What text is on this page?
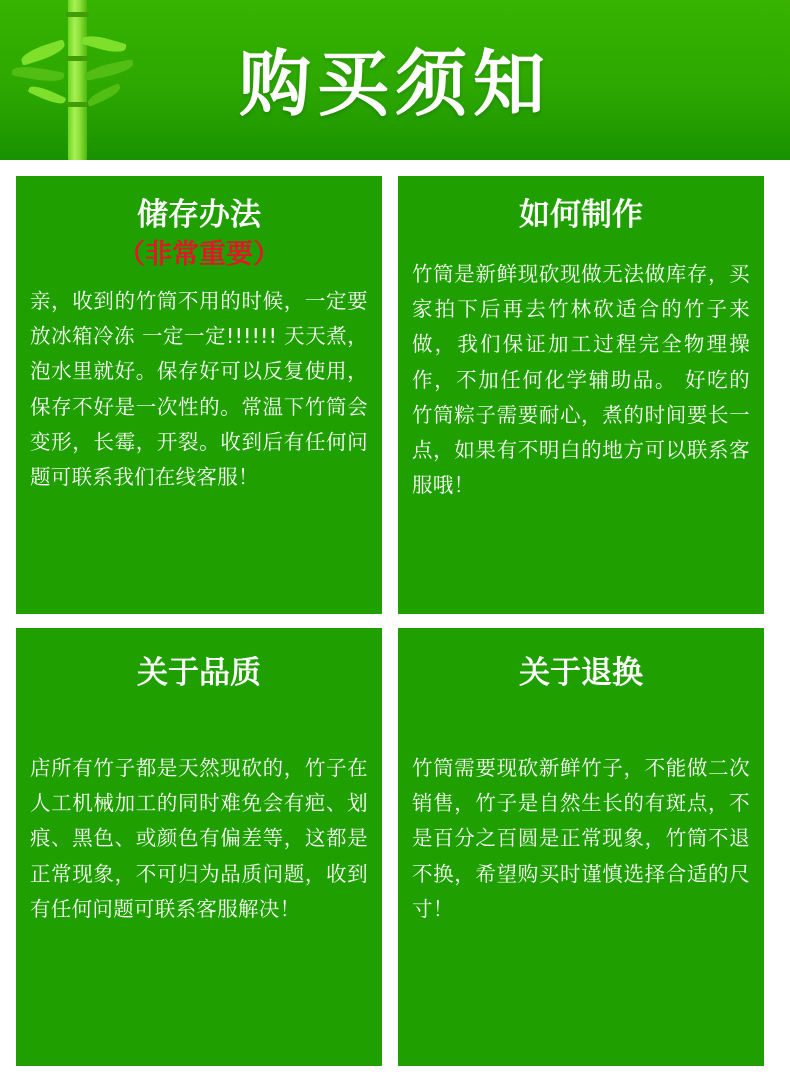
购买须知
储存办法
（非常重要）
亲，收到的竹筒不用的时候，一定要放冰箱冷冻 一定一定!!!!!! 天天煮，泡水里就好。保存好可以反复使用，保存不好是一次性的。常温下竹筒会变形，长霉，开裂。收到后有任何问题可联系我们在线客服！
如何制作
竹筒是新鲜现砍现做无法做库存，买家拍下后再去竹林砍适合的竹子来做，我们保证加工过程完全物理操作，不加任何化学辅助品。 好吃的竹筒粽子需要耐心，煮的时间要长一点，如果有不明白的地方可以联系客服哦！
关于品质
店所有竹子都是天然现砍的，竹子在人工机械加工的同时难免会有疤、划痕、黑色、或颜色有偏差等，这都是正常现象，不可归为品质问题，收到有任何问题可联系客服解决！
关于退换
竹筒需要现砍新鲜竹子，不能做二次销售，竹子是自然生长的有斑点，不是百分之百圆是正常现象，竹筒不退不换，希望购买时谨慎选择合适的尺寸！
